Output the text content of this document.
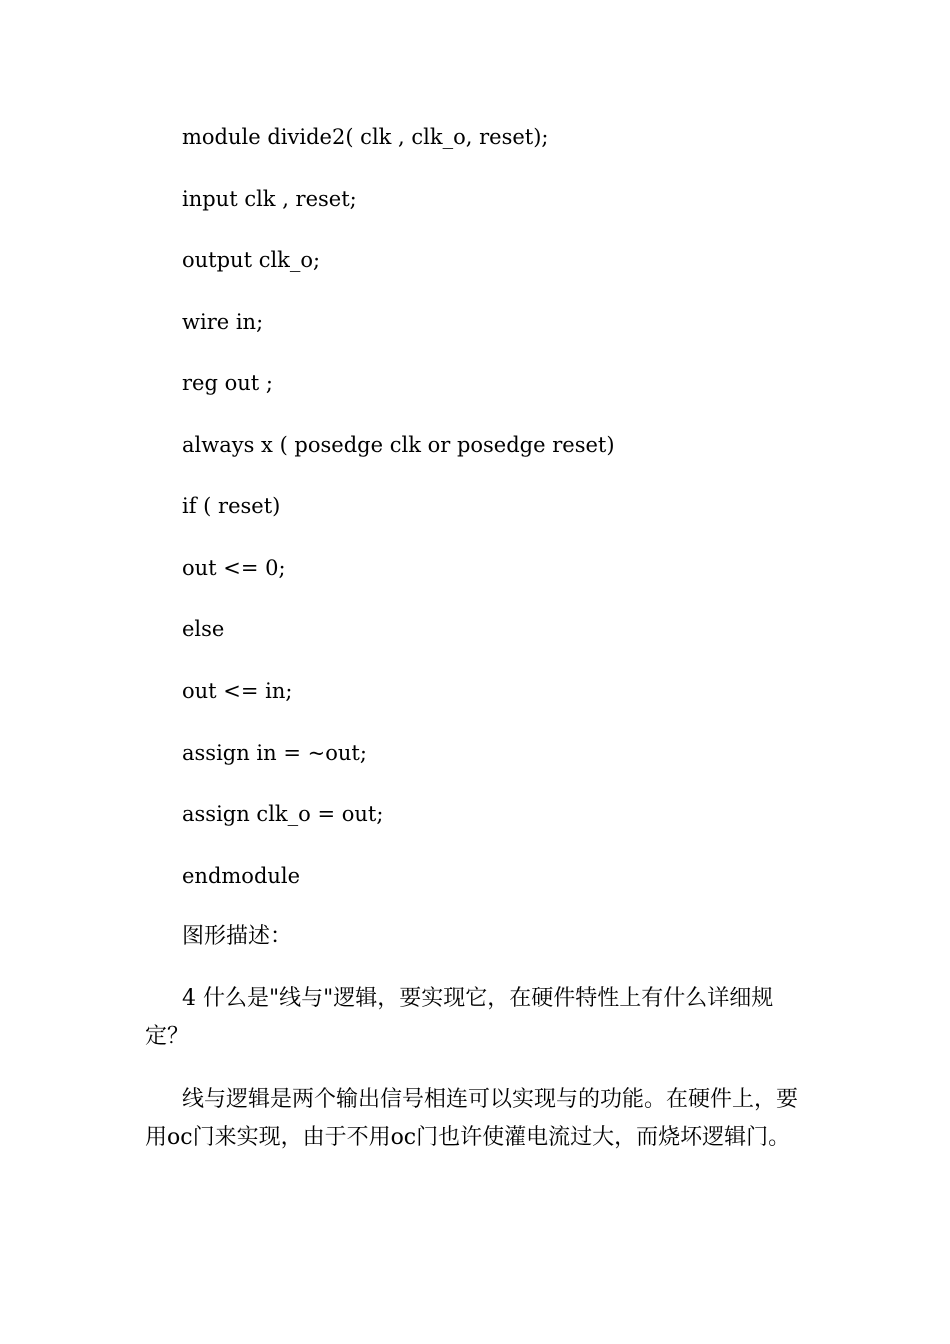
module divide2( clk , clk_o, reset);
input clk , reset;
output clk_o;
wire in;
reg out ;
always x ( posedge clk or posedge reset)
if ( reset)
out <= 0;
else
out <= in;
assign in = ~out;
assign clk_o = out;
endmodule
图形描述：

4 什么是"线与"逻辑，要实现它，在硬件特性上有什么详细规定？

线与逻辑是两个输出信号相连可以实现与的功能。在硬件上，要用oc门来实现，由于不用oc门也许使灌电流过大，而烧坏逻辑门。
